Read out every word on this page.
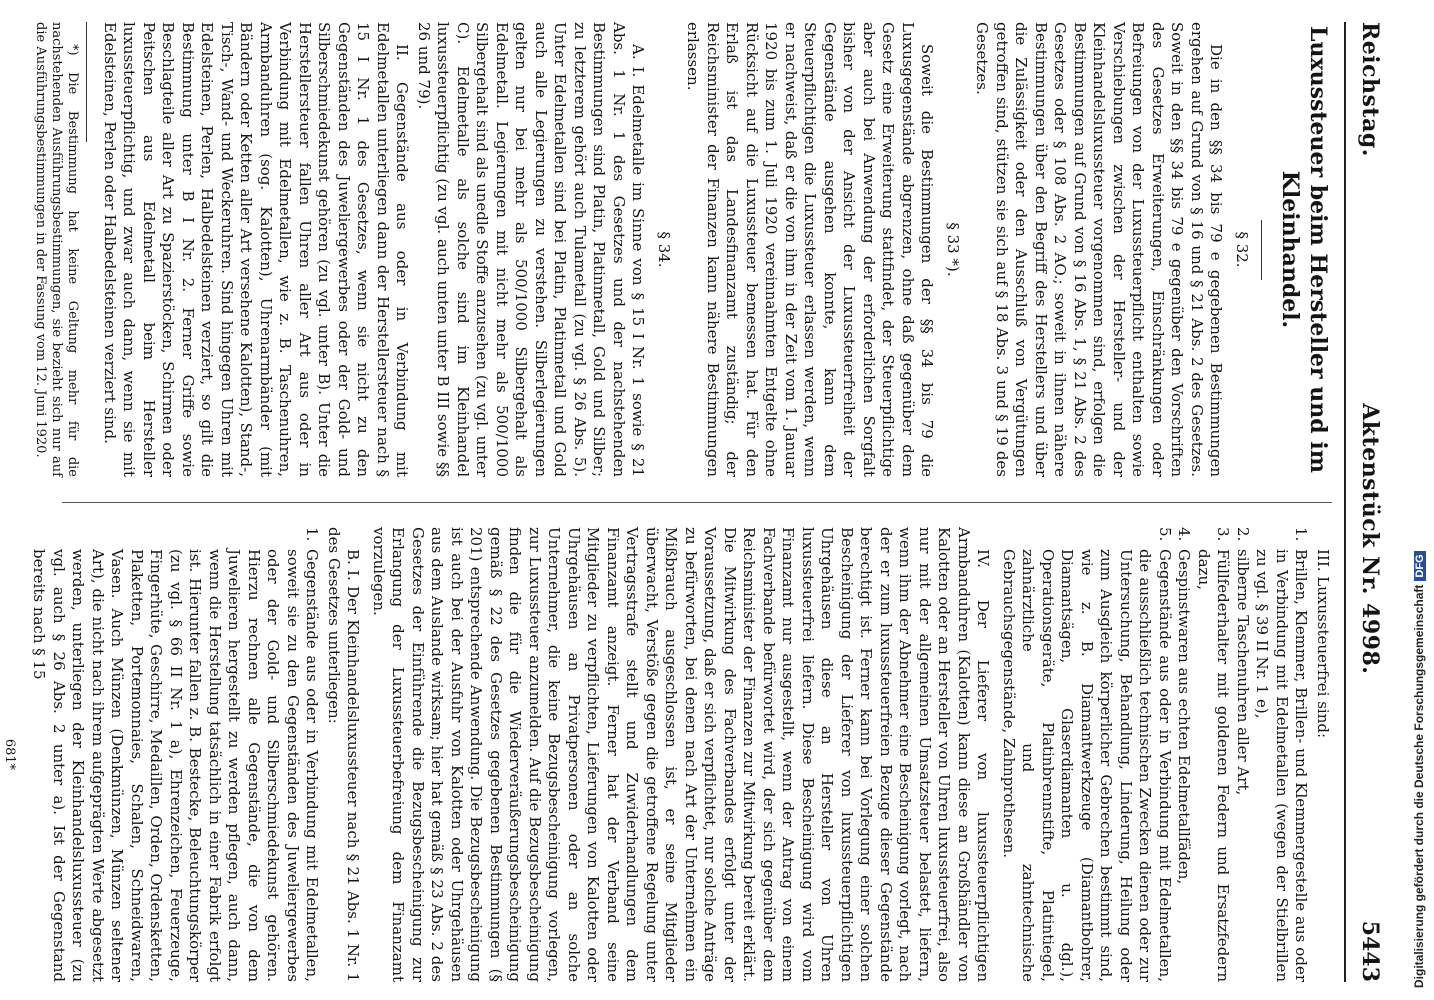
Digitalisierung gefördert durch die Deutsche ForschungsgemeinschaftDFG
Reichstag.
Aktenstück Nr. 4998.
5443
Luxussteuer beim Hersteller und im Kleinhandel.
§ 32.

Die in den §§ 34 bis 79 e gegebenen Bestimmungen ergehen auf Grund von § 16 und § 21 Abs. 2 des Gesetzes. Soweit in den §§ 34 bis 79 e gegenüber den Vorschriften des Gesetzes Erweiterungen, Einschränkungen oder Befreiungen von der Luxussteuerpflicht enthalten sowie Verschiebungen zwischen der Hersteller- und der Kleinhandelsluxussteuer vorgenommen sind, erfolgen die Bestimmungen auf Grund von § 16 Abs. 1, § 21 Abs. 2 des Gesetzes oder § 108 Abs. 2 AO.; soweit in ihnen nähere Bestimmungen über den Begriff des Herstellers und über die Zulässigkeit oder den Ausschluß von Vergütungen getroffen sind, stützen sie sich auf § 18 Abs. 3 und § 19 des Gesetzes.

§ 33 *).

Soweit die Bestimmungen der §§ 34 bis 79 die Luxusgegenstände abgrenzen, ohne daß gegenüber dem Gesetz eine Erweiterung stattfindet, der Steuerpflichtige aber auch bei Anwendung der erforderlichen Sorgfalt bisher von der Ansicht der Luxussteuerfreiheit der Gegenstände ausgehen konnte, kann dem Steuerpflichtigen die Luxussteuer erlassen werden, wenn er nachweist, daß er die von ihm in der Zeit vom 1. Januar 1920 bis zum 1. Juli 1920 vereinnahmten Entgelte ohne Rücksicht auf die Luxussteuer bemessen hat. Für den Erlaß ist das Landesfinanzamt zuständig; der Reichsminister der Finanzen kann nähere Bestimmungen erlassen.

§ 34.

A. I. Edelmetalle im Sinne von § 15 I Nr. 1 sowie § 21 Abs. 1 Nr. 1 des Gesetzes und der nachstehenden Bestimmungen sind Platin, Platinmetall, Gold und Silber; zu letzterem gehört auch Tulametall (zu vgl. § 26 Abs. 5). Unter Edelmetallen sind bei Platin, Platinmetall und Gold auch alle Legierungen zu verstehen. Silberlegierungen gelten nur bei mehr als 500/1000 Silbergehalt als Edelmetall. Legierungen mit nicht mehr als 500/1000 Silbergehalt sind als unedle Stoffe anzusehen (zu vgl. unter C). Edelmetalle als solche sind im Kleinhandel luxussteuerpflichtig (zu vgl. auch unten unter B III sowie §§ 26 und 79).

II. Gegenstände aus oder in Verbindung mit Edelmetallen unterliegen dann der Herstellersteuer nach § 15 I Nr. 1 des Gesetzes, wenn sie nicht zu den Gegenständen des Juweliergewerbes oder der Gold- und Silberschmiedekunst gehören (zu vgl. unter B). Unter die Herstellersteuer fallen Uhren aller Art aus oder in Verbindung mit Edelmetallen, wie z. B. Taschenuhren, Armbanduhren (sog. Kalotten), Uhrenarmbänder (mit Bändern oder Ketten aller Art versehene Kalotten), Stand-, Tisch-, Wand- und Weckeruhren. Sind hingegen Uhren mit Edelsteinen, Perlen, Halbedelsteinen verziert, so gilt die Bestimmung unter B I Nr. 2. Ferner Griffe sowie Beschlagteile aller Art zu Spazierstöcken, Schirmen oder Peitschen aus Edelmetall beim Hersteller luxussteuerpflichtig, und zwar auch dann, wenn sie mit Edelsteinen, Perlen oder Halbedelsteinen verziert sind.

*) Die Bestimmung hat keine Geltung mehr für die nachstehenden Ausführungsbestimmungen, sie bezieht sich nur auf die Ausführungsbestimmungen in der Fassung vom 12. Juni 1920.

III. Luxussteuerfrei sind:

1.
Brillen, Klemmer, Brillen- und Klemmergestelle aus oder in Verbindung mit Edelmetallen (wegen der Stielbrillen zu vgl. § 39 II Nr. 1 e),
2.
silberne Taschenuhren aller Art,
3.
Füllfederhalter mit goldenen Federn und Ersatzfedern dazu,
4.
Gespinstwaren aus echten Edelmetallfäden,
5.
Gegenstände aus oder in Verbindung mit Edelmetallen, die ausschließlich technischen Zwecken dienen oder zur Untersuchung, Behandlung, Linderung, Heilung oder zum Ausgleich körperlicher Gebrechen bestimmt sind, wie z. B. Diamantwerkzeuge (Diamantbohrer, Diamantsägen, Glaserdiamanten u. dgl.), Operationsgeräte, Platinbrennstifte, Platintiegel, zahnärztliche und zahntechnische Gebrauchsgegenstände, Zahnprothesen.

IV. Der Lieferer von luxussteuerpflichtigen Armbanduhren (Kalotten) kann diese an Großhändler von Kalotten oder an Hersteller von Uhren luxussteuerfrei, also nur mit der allgemeinen Umsatzsteuer belastet, liefern, wenn ihm der Abnehmer eine Bescheinigung vorlegt, nach der er zum luxussteuerfreien Bezuge dieser Gegenstände berechtigt ist. Ferner kann bei Vorlegung einer solchen Bescheinigung der Lieferer von luxussteuerpflichtigen Uhrgehäusen diese an Hersteller von Uhren luxussteuerfrei liefern. Diese Bescheinigung wird vom Finanzamt nur ausgestellt, wenn der Antrag von einem Fachverbande befürwortet wird, der sich gegenüber dem Reichsminister der Finanzen zur Mitwirkung bereit erklärt. Die Mitwirkung des Fachverbandes erfolgt unter der Voraussetzung, daß er sich verpflichtet, nur solche Anträge zu befürworten, bei denen nach Art der Unternehmen ein Mißbrauch ausgeschlossen ist, er seine Mitglieder überwacht, Verstöße gegen die getroffene Regelung unter Vertragsstrafe stellt und Zuwiderhandlungen dem Finanzamt anzeigt. Ferner hat der Verband seine Mitglieder zu verpflichten, Lieferungen von Kalotten oder Uhrgehäusen an Privatpersonen oder an solche Unternehmer, die keine Bezugsbescheinigung vorlegen, zur Luxussteuer anzumelden. Auf die Bezugsbescheinigung finden die für die Wiederveräußerungsbescheinigung gemäß § 22 des Gesetzes gegebenen Bestimmungen (§ 201) entsprechende Anwendung. Die Bezugsbescheinigung ist auch bei der Ausfuhr von Kalotten oder Uhrgehäusen aus dem Auslande wirksam; hier hat gemäß § 23 Abs. 2 des Gesetzes der Einführende die Bezugsbescheinigung zur Erlangung der Luxussteuerbefreiung dem Finanzamt vorzulegen.

B. I. Der Kleinhandelsluxussteuer nach § 21 Abs. 1 Nr. 1 des Gesetzes unterliegen:

1.
Gegenstände aus oder in Verbindung mit Edelmetallen, soweit sie zu den Gegenständen des Juweliergewerbes oder der Gold- und Silberschmiedekunst gehören. Hierzu rechnen alle Gegenstände, die von dem Juwelieren hergestellt zu werden pflegen, auch dann, wenn die Herstellung tatsächlich in einer Fabrik erfolgt ist. Hierunter fallen z. B. Bestecke, Beleuchtungskörper (zu vgl. § 66 II Nr. 1 a), Ehrenzeichen, Feuerzeuge, Fingerhüte, Geschirre, Medaillen, Orden, Ordensketten, Plaketten, Portemonnaies, Schalen, Schneidwaren, Vasen. Auch Münzen (Denkmünzen, Münzen seltener Art), die nicht nach ihrem aufgeprägten Werte abgesetzt werden, unterliegen der Kleinhandelsluxussteuer (zu vgl. auch § 26 Abs. 2 unter a). Ist der Gegenstand bereits nach § 15
681*
